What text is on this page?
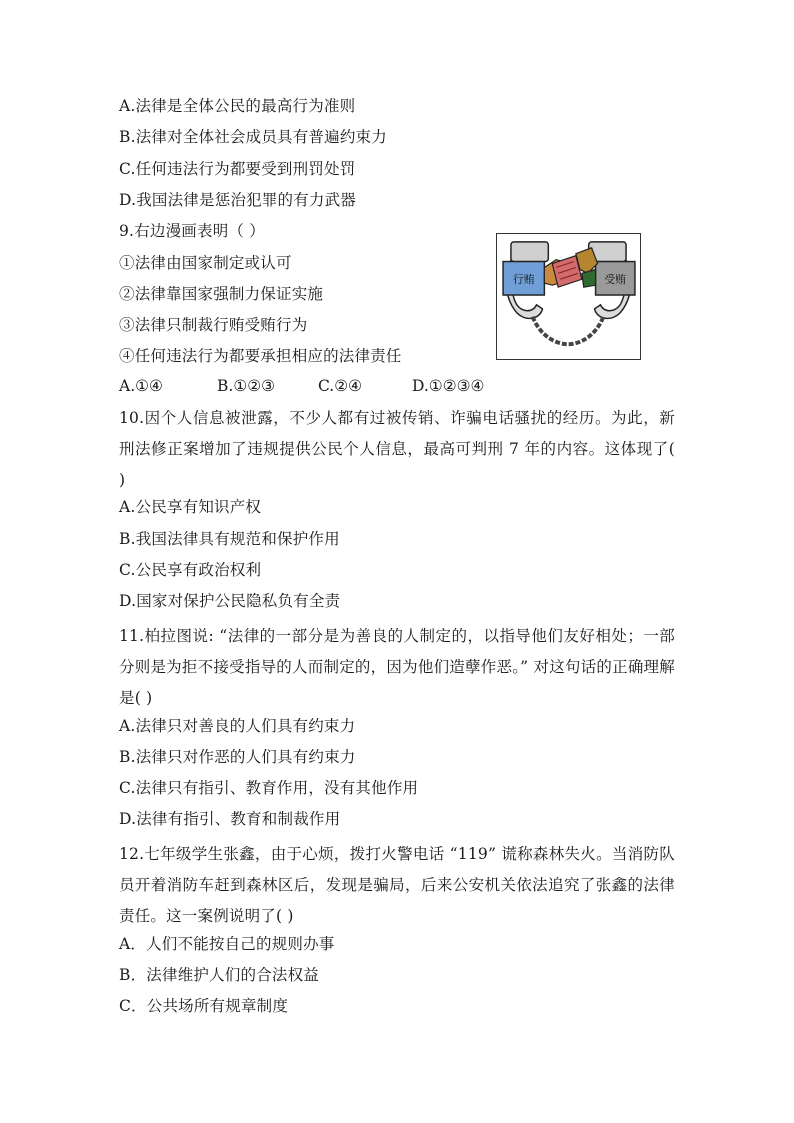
A.法律是全体公民的最高行为准则
B.法律对全体社会成员具有普遍约束力
C.任何违法行为都要受到刑罚处罚
D.我国法律是惩治犯罪的有力武器
9.右边漫画表明（ ）
①法律由国家制定或认可
②法律靠国家强制力保证实施
③法律只制裁行贿受贿行为
④任何违法行为都要承担相应的法律责任
A.①④	B.①②③	C.②④	D.①②③④
行贿	受贿
10.因个人信息被泄露，不少人都有过被传销、诈骗电话骚扰的经历。为此，新刑法修正案增加了违规提供公民个人信息，最高可判刑 7 年的内容。这体现了( )
A.公民享有知识产权
B.我国法律具有规范和保护作用
C.公民享有政治权利
D.国家对保护公民隐私负有全责
11.柏拉图说: “法律的一部分是为善良的人制定的，以指导他们友好相处；一部分则是为拒不接受指导的人而制定的，因为他们造孽作恶。” 对这句话的正确理解是( )
A.法律只对善良的人们具有约束力
B.法律只对作恶的人们具有约束力
C.法律只有指引、教育作用，没有其他作用
D.法律有指引、教育和制裁作用
12.七年级学生张鑫，由于心烦，拨打火警电话 “119” 谎称森林失火。当消防队员开着消防车赶到森林区后，发现是骗局，后来公安机关依法追究了张鑫的法律责任。这一案例说明了( )
A．人们不能按自己的规则办事
B．法律维护人们的合法权益
C．公共场所有规章制度
